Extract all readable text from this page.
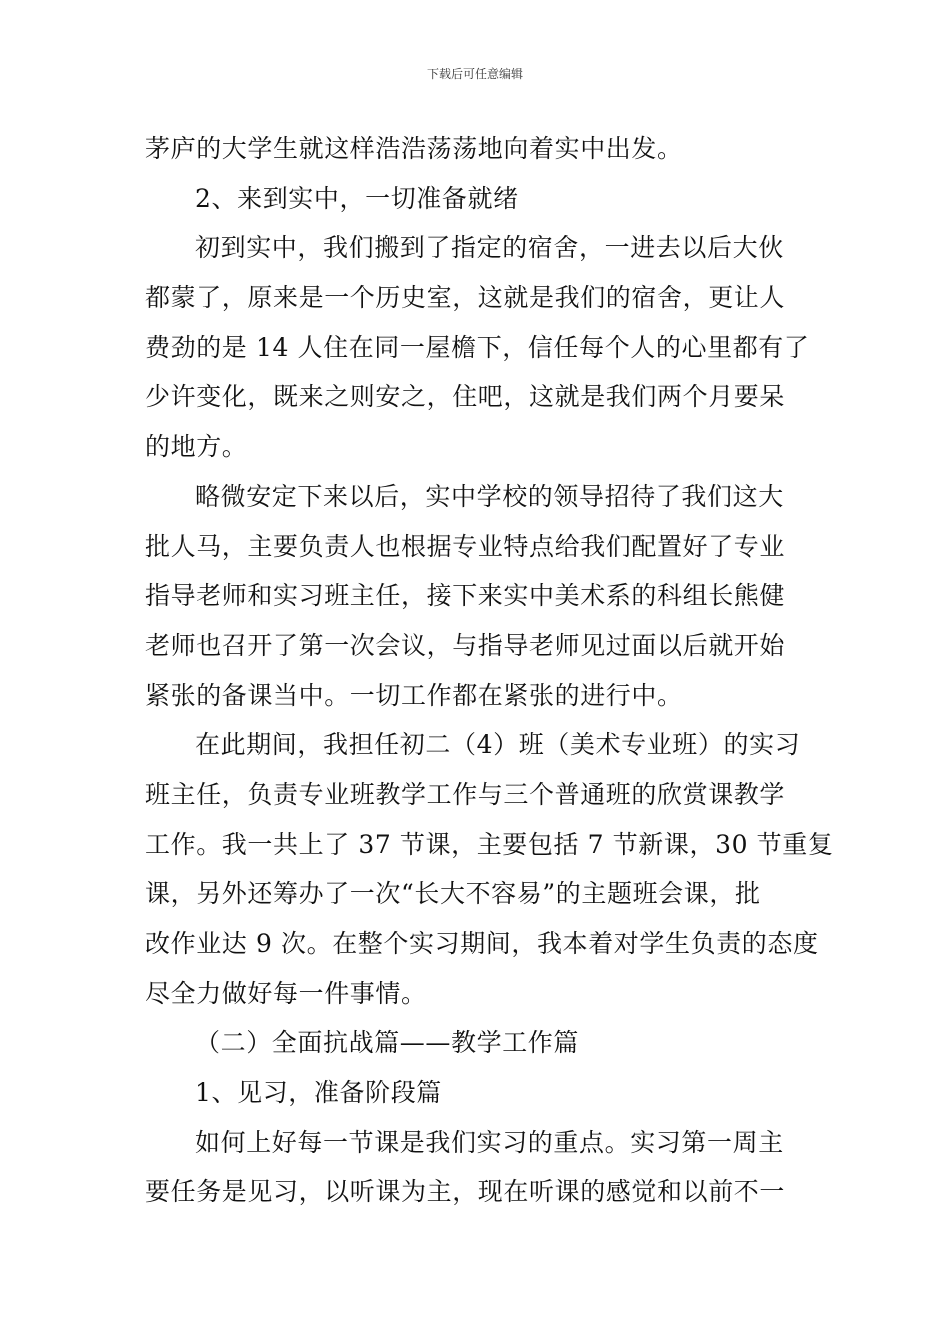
下载后可任意编辑
茅庐的大学生就这样浩浩荡荡地向着实中出发。
2、来到实中，一切准备就绪
初到实中，我们搬到了指定的宿舍，一进去以后大伙
都蒙了，原来是一个历史室，这就是我们的宿舍，更让人
费劲的是 14 人住在同一屋檐下，信任每个人的心里都有了
少许变化，既来之则安之，住吧，这就是我们两个月要呆
的地方。
略微安定下来以后，实中学校的领导招待了我们这大
批人马，主要负责人也根据专业特点给我们配置好了专业
指导老师和实习班主任，接下来实中美术系的科组长熊健
老师也召开了第一次会议，与指导老师见过面以后就开始
紧张的备课当中。一切工作都在紧张的进行中。
在此期间，我担任初二（4）班（美术专业班）的实习
班主任，负责专业班教学工作与三个普通班的欣赏课教学
工作。我一共上了 37 节课，主要包括 7 节新课，30 节重复
课，另外还筹办了一次“长大不容易”的主题班会课，批
改作业达 9 次。在整个实习期间，我本着对学生负责的态度
尽全力做好每一件事情。
（二）全面抗战篇——教学工作篇
1、见习，准备阶段篇
如何上好每一节课是我们实习的重点。实习第一周主
要任务是见习，以听课为主，现在听课的感觉和以前不一
